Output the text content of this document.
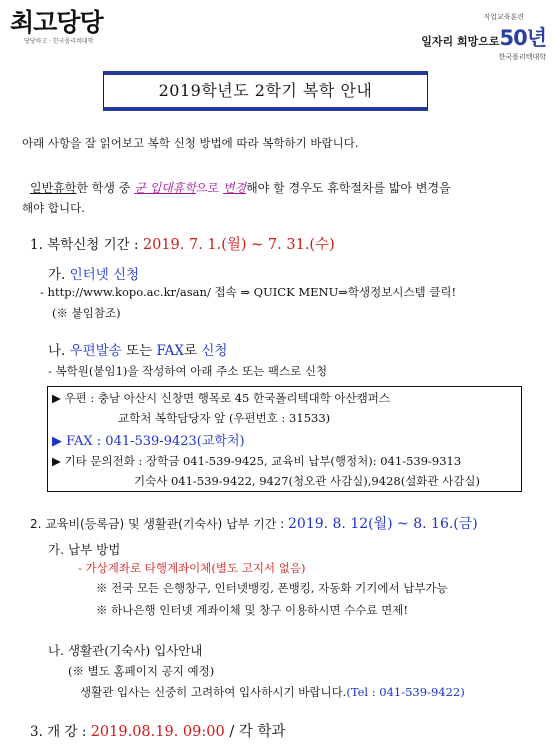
최고당당
당당하고 · 한국폴리텍대학
직업교육훈련
일자리 희망으로50년
한국폴리텍대학
2019학년도 2학기 복학 안내
아래 사항을 잘 읽어보고 복학 신청 방법에 따라 복학하기 바랍니다.
일반휴학한 학생 중 군 입대휴학으로 변경해야 할 경우도 휴학절차를 밟아 변경을
해야 합니다.
1. 복학신청 기간 : 2019. 7. 1.(월) ~ 7. 31.(수)
가. 인터넷 신청
- http://www.kopo.ac.kr/asan/ 접속 ⇒ QUICK MENU⇒학생정보시스템 클릭!
(※ 붙임참조)
나. 우편발송 또는 FAX로 신청
- 복학원(붙임1)을 작성하여 아래 주소 또는 팩스로 신청
▶ 우편 : 충남 아산시 신창면 행목로 45 한국폴리텍대학 아산캠퍼스
교학처 복학담당자 앞 (우편번호 : 31533)
▶ FAX : 041-539-9423(교학처)
▶ 기타 문의전화 : 장학금 041-539-9425, 교육비 납부(행정처): 041-539-9313
기숙사 041-539-9422, 9427(청오관 사감실),9428(설화관 사감실)
2. 교육비(등록금) 및 생활관(기숙사) 납부 기간 : 2019. 8. 12(월) ~ 8. 16.(금)
가. 납부 방법
- 가상계좌로 타행계좌이체(별도 고지서 없음)
※ 전국 모든 은행창구, 인터넷뱅킹, 폰뱅킹, 자동화 기기에서 납부가능
※ 하나은행 인터넷 계좌이체 및 창구 이용하시면 수수료 면제!
나. 생활관(기숙사) 입사안내
(※ 별도 홈페이지 공지 예정)
생활관 입사는 신중히 고려하여 입사하시기 바랍니다.(Tel : 041-539-9422)
3. 개 강 : 2019.08.19. 09:00 / 각 학과
